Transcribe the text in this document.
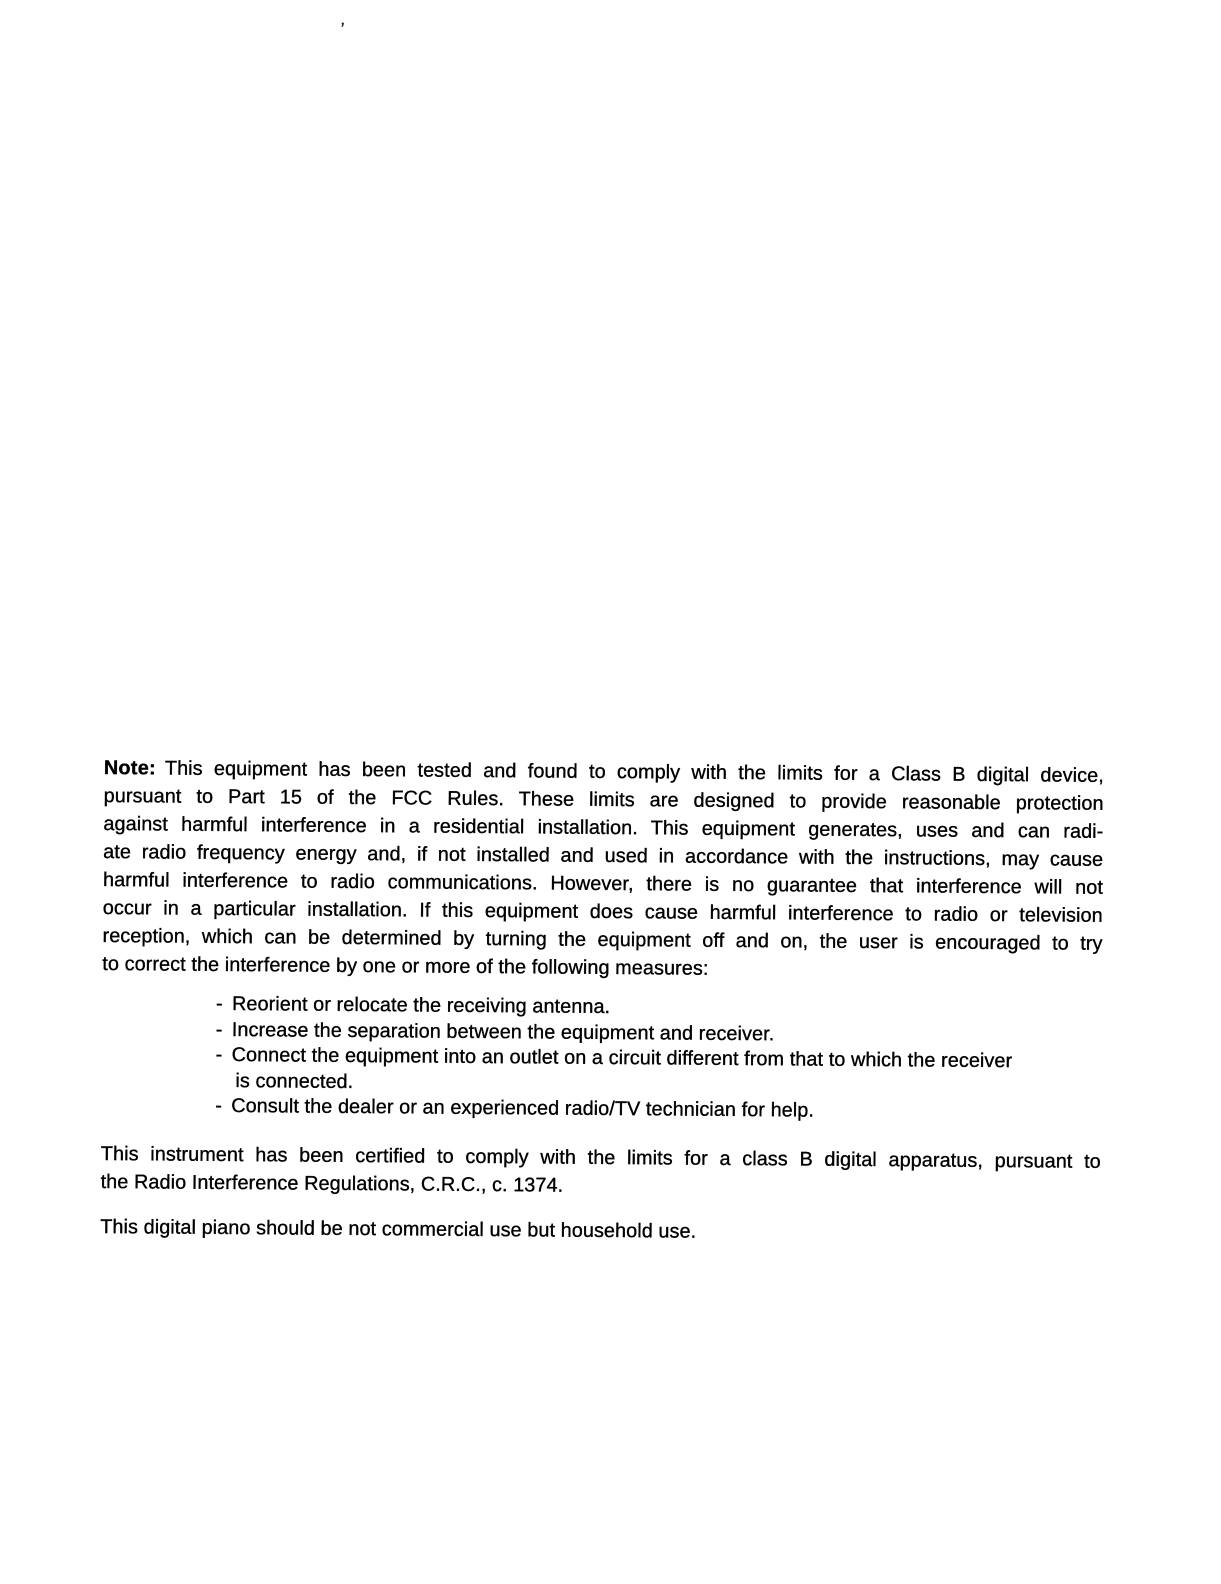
’

Note: This equipment has been tested and found to comply with the limits for a Class B digital device,
pursuant to Part 15 of the FCC Rules. These limits are designed to provide reasonable protection
against harmful interference in a residential installation. This equipment generates, uses and can radi-
ate radio frequency energy and, if not installed and used in accordance with the instructions, may cause
harmful interference to radio communications. However, there is no guarantee that interference will not
occur in a particular installation. If this equipment does cause harmful interference to radio or television
reception, which can be determined by turning the equipment off and on, the user is encouraged to try
to correct the interference by one or more of the following measures:

- Reorient or relocate the receiving antenna.
- Increase the separation between the equipment and receiver.
- Connect the equipment into an outlet on a circuit different from that to which the receiver
is connected.
- Consult the dealer or an experienced radio/TV technician for help.

This instrument has been certified to comply with the limits for a class B digital apparatus, pursuant to
the Radio Interference Regulations, C.R.C., c. 1374.

This digital piano should be not commercial use but household use.
